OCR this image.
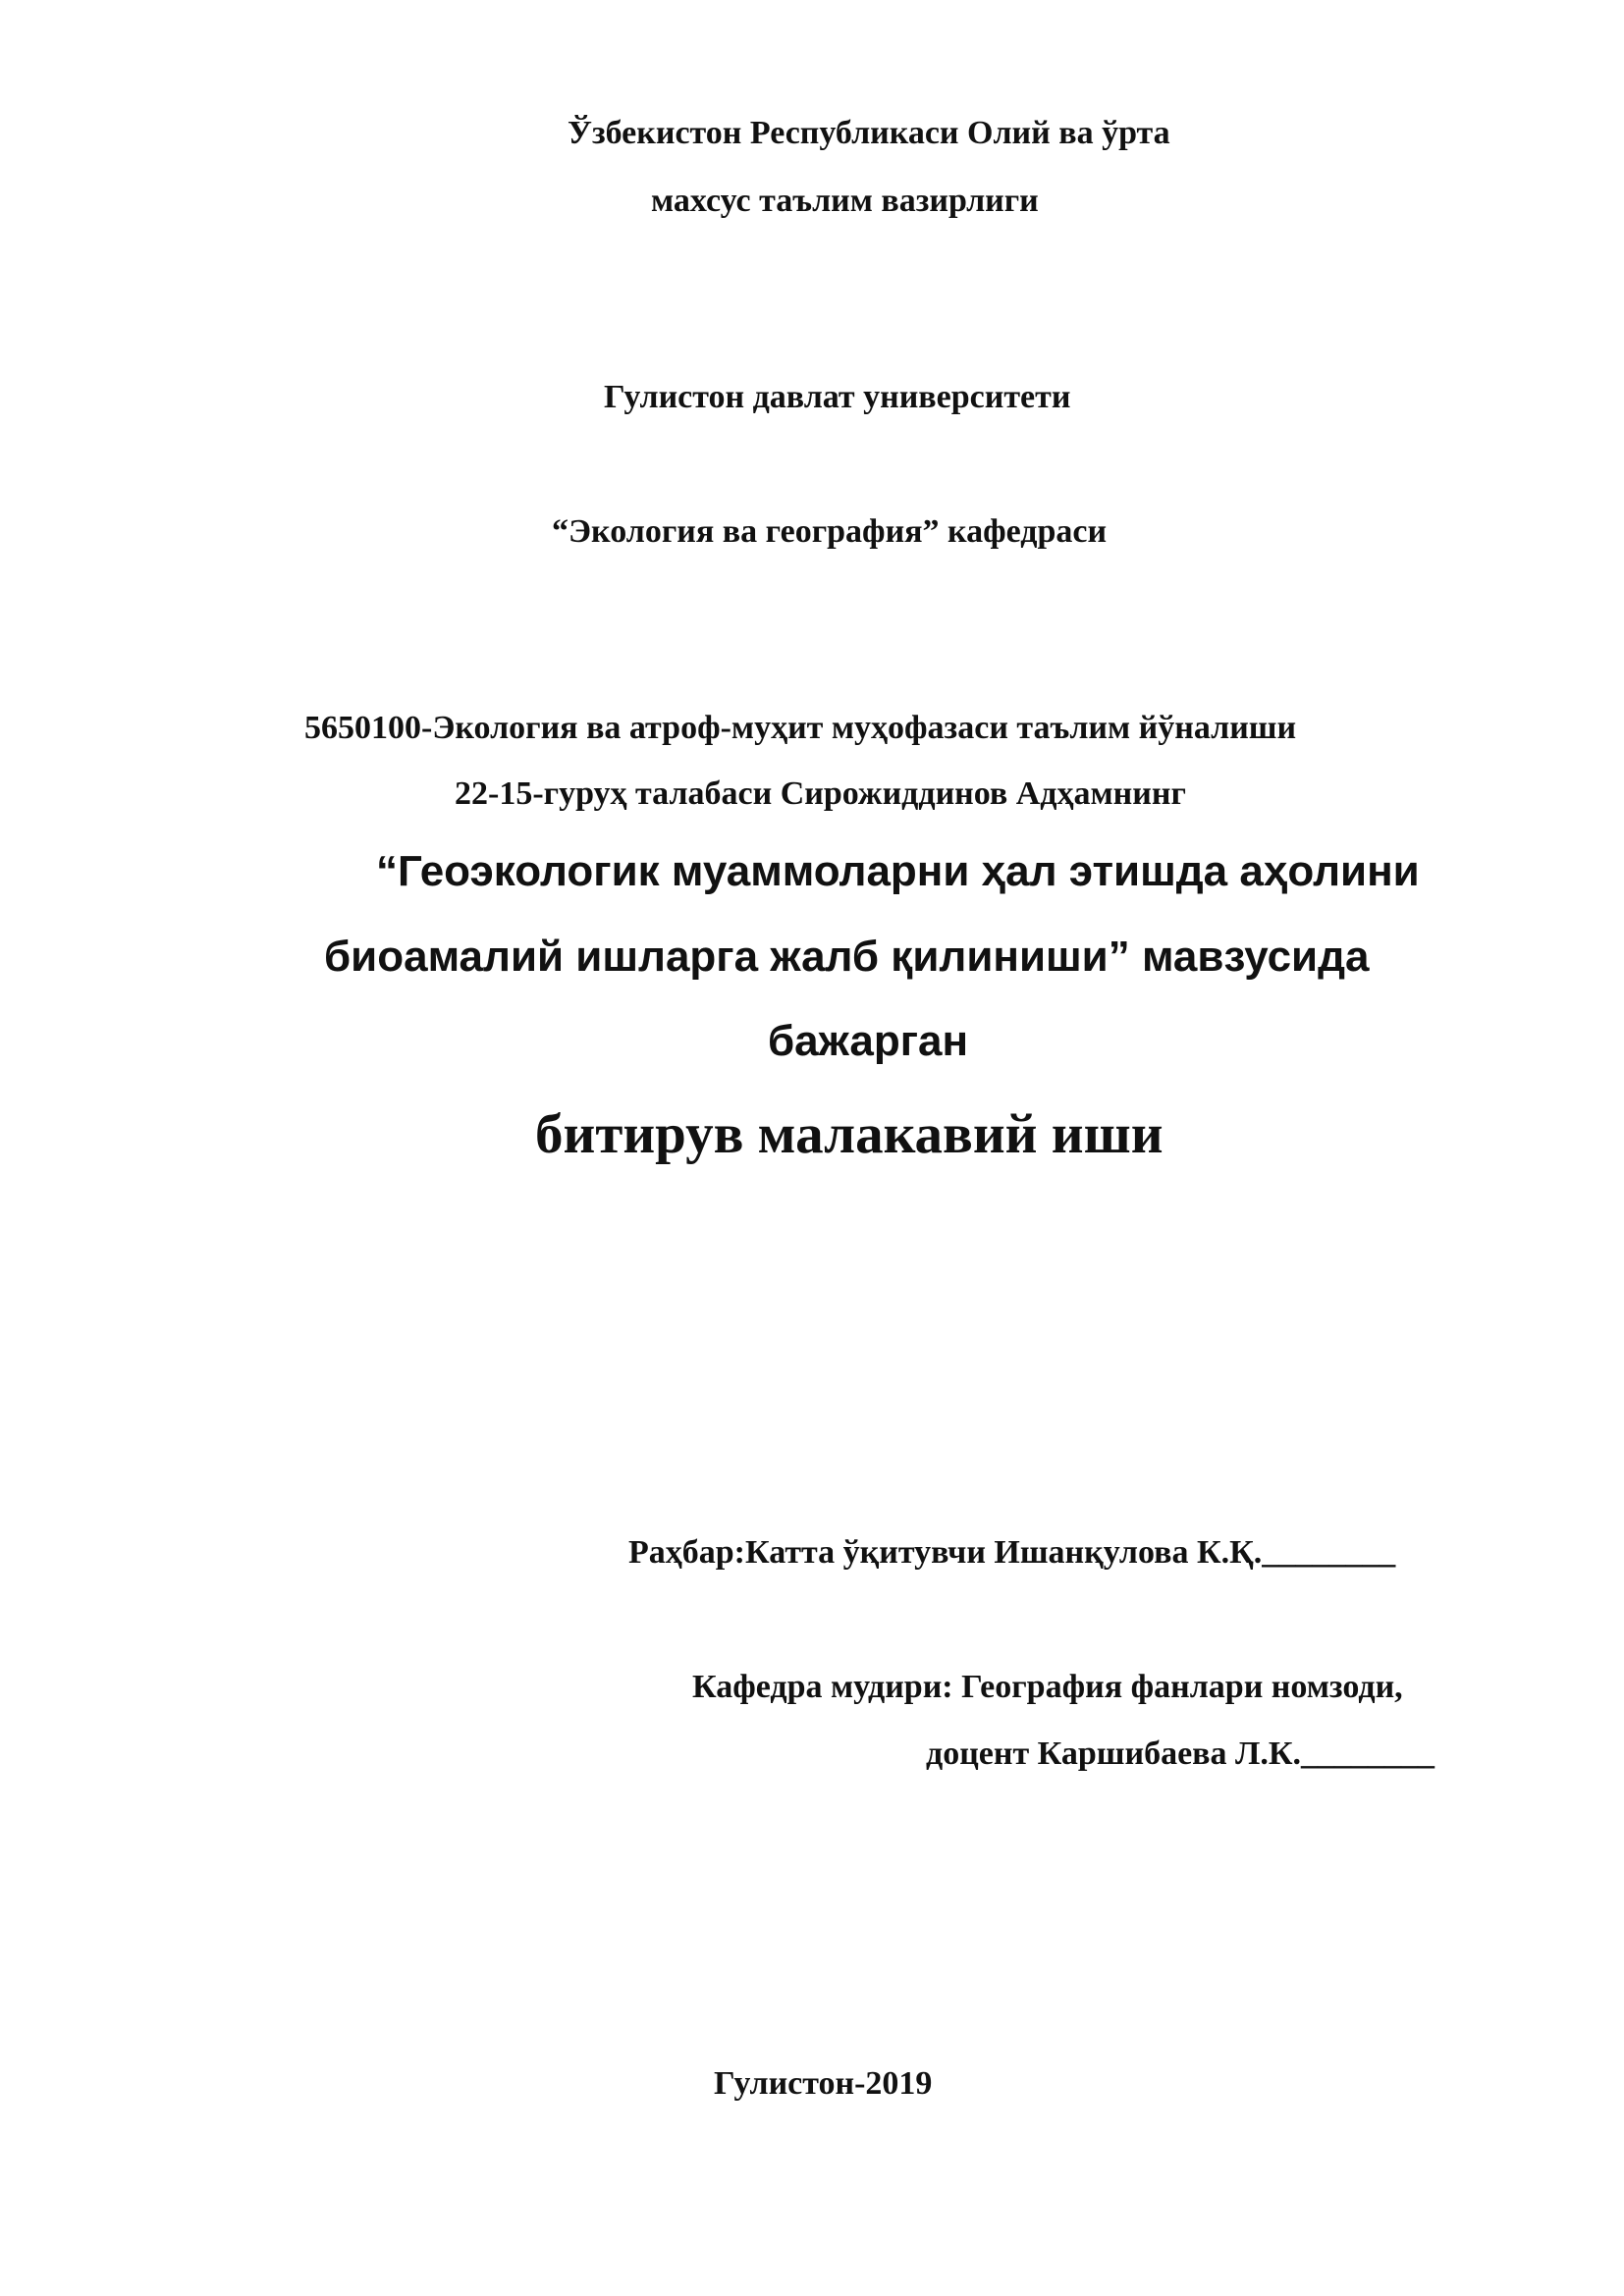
Ўзбекистон Республикаси Олий ва ўрта
махсус таълим вазирлиги
Гулистон давлат университети
“Экология ва география” кафедраси
5650100-Экология ва атроф-муҳит муҳофазаси таълим йўналиши
22-15-гуруҳ талабаси Сирожиддинов Адҳамнинг
“Геоэкологик муаммоларни ҳал этишда аҳолини
биоамалий ишларга жалб қилиниши” мавзусида
бажарган
битирув малакавий иши
Раҳбар:Катта ўқитувчи Ишанқулова К.Қ.________
Кафедра мудири: География фанлари номзоди,
доцент Каршибаева Л.К.________
Гулистон-2019
